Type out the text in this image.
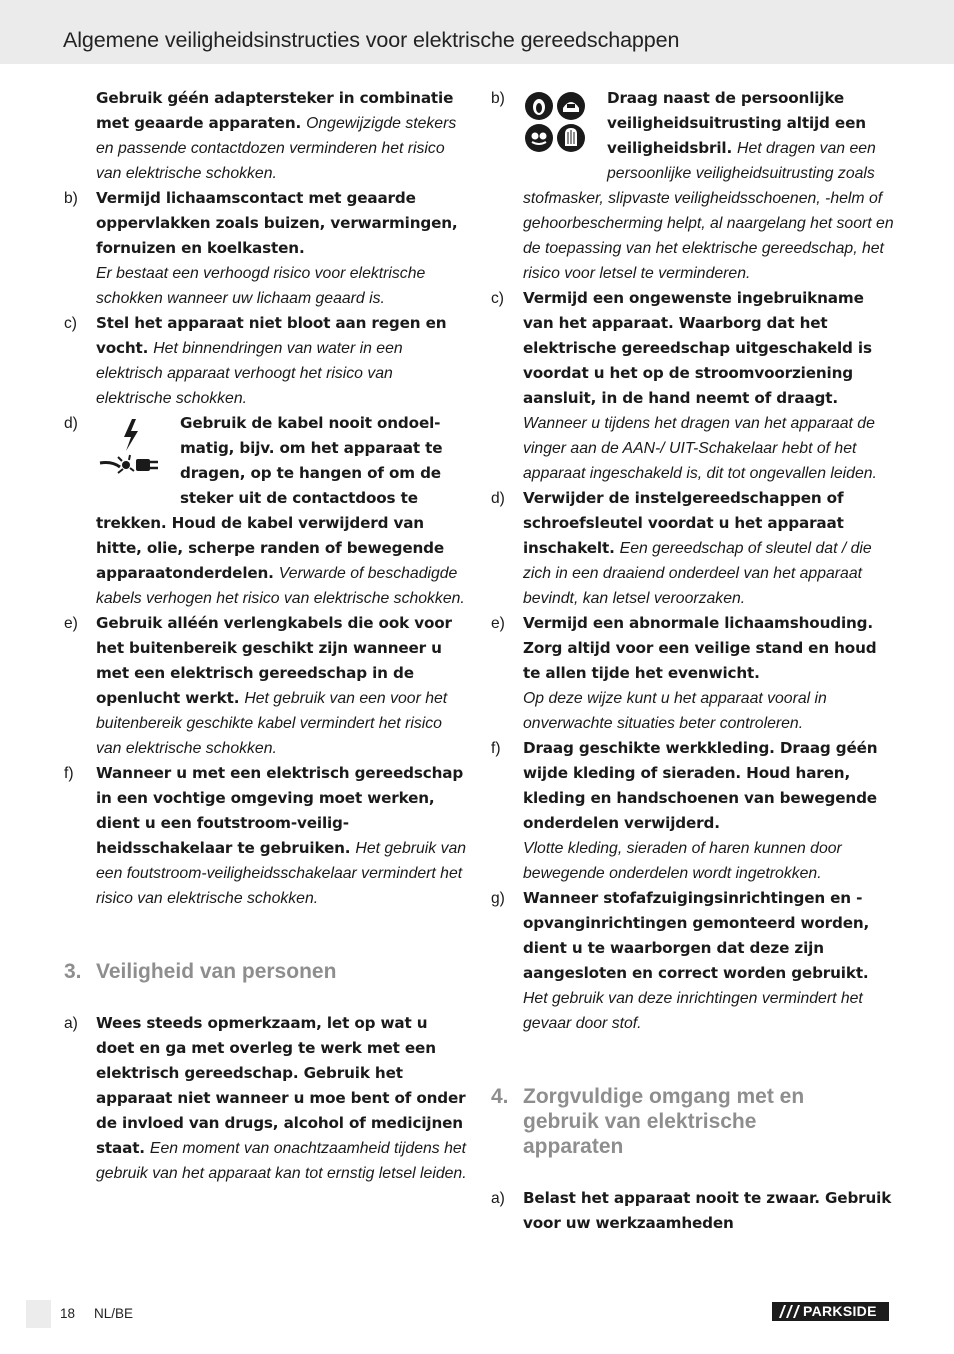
Algemene veiligheidsinstructies voor elektrische gereedschappen
Gebruik géén adaptersteker in combinatie met geaarde apparaten. Ongewijzigde stekers en passende contactdozen verminderen het risico van elektrische schokken.
b) Vermijd lichaamscontact met geaarde oppervlakken zoals buizen, verwarmingen, fornuizen en koelkasten.
Er bestaat een verhoogd risico voor elektrische schokken wanneer uw lichaam geaard is.
c) Stel het apparaat niet bloot aan regen en vocht. Het binnendringen van water in een elektrisch apparaat verhoogt het risico van elektrische schokken.
d)	Gebruik de kabel nooit ondoelmatig, bijv. om het apparaat te dragen, op te hangen of om de steker uit de contactdoos te trekken. Houd de kabel verwijderd van hitte, olie, scherpe randen of bewegende apparaatonderdelen. Verwarde of beschadigde kabels verhogen het risico van elektrische schokken.
e) Gebruik alléén verlengkabels die ook voor het buitenbereik geschikt zijn wanneer u met een elektrisch gereedschap in de openlucht werkt. Het gebruik van een voor het buitenbereik geschikte kabel vermindert het risico van elektrische schokken.
f) Wanneer u met een elektrisch gereedschap in een vochtige omgeving moet werken, dient u een foutstroom-veiligheidsschakelaar te gebruiken. Het gebruik van een foutstroom-veiligheidsschakelaar vermindert het risico van elektrische schokken.
3. Veiligheid van personen
a) Wees steeds opmerkzaam, let op wat u doet en ga met overleg te werk met een elektrisch gereedschap. Gebruik het apparaat niet wanneer u moe bent of onder de invloed van drugs, alcohol of medicijnen staat. Een moment van onachtzaamheid tijdens het gebruik van het apparaat kan tot ernstig letsel leiden.
b)	Draag naast de persoonlijke veiligheidsuitrusting altijd een veiligheidsbril. Het dragen van een persoonlijke veiligheidsuitrusting zoals stofmasker, slipvaste veiligheidsschoenen, -helm of gehoorbescherming helpt, al naargelang het soort en de toepassing van het elektrische gereedschap, het risico voor letsel te verminderen.
c) Vermijd een ongewenste ingebruikname van het apparaat. Waarborg dat het elektrische gereedschap uitgeschakeld is voordat u het op de stroomvoorziening aansluit, in de hand neemt of draagt. Wanneer u tijdens het dragen van het apparaat de vinger aan de AAN-/ UIT-Schakelaar hebt of het apparaat ingeschakeld is, dit tot ongevallen leiden.
d) Verwijder de instelgereedschappen of schroefsleutel voordat u het apparaat inschakelt. Een gereedschap of sleutel dat / die zich in een draaiend onderdeel van het apparaat bevindt, kan letsel veroorzaken.
e) Vermijd een abnormale lichaamshouding. Zorg altijd voor een veilige stand en houd te allen tijde het evenwicht.
Op deze wijze kunt u het apparaat vooral in onverwachte situaties beter controleren.
f) Draag geschikte werkkleding. Draag géén wijde kleding of sieraden. Houd haren, kleding en handschoenen van bewegende onderdelen verwijderd.
Vlotte kleding, sieraden of haren kunnen door bewegende onderdelen wordt ingetrokken.
g) Wanneer stofafzuigingsinrichtingen en -opvanginrichtingen gemonteerd worden, dient u te waarborgen dat deze zijn aangesloten en correct worden gebruikt. Het gebruik van deze inrichtingen vermindert het gevaar door stof.
4. Zorgvuldige omgang met en gebruik van elektrische apparaten
a) Belast het apparaat nooit te zwaar. Gebruik voor uw werkzaamheden
18 NL/BE	PARKSIDE
